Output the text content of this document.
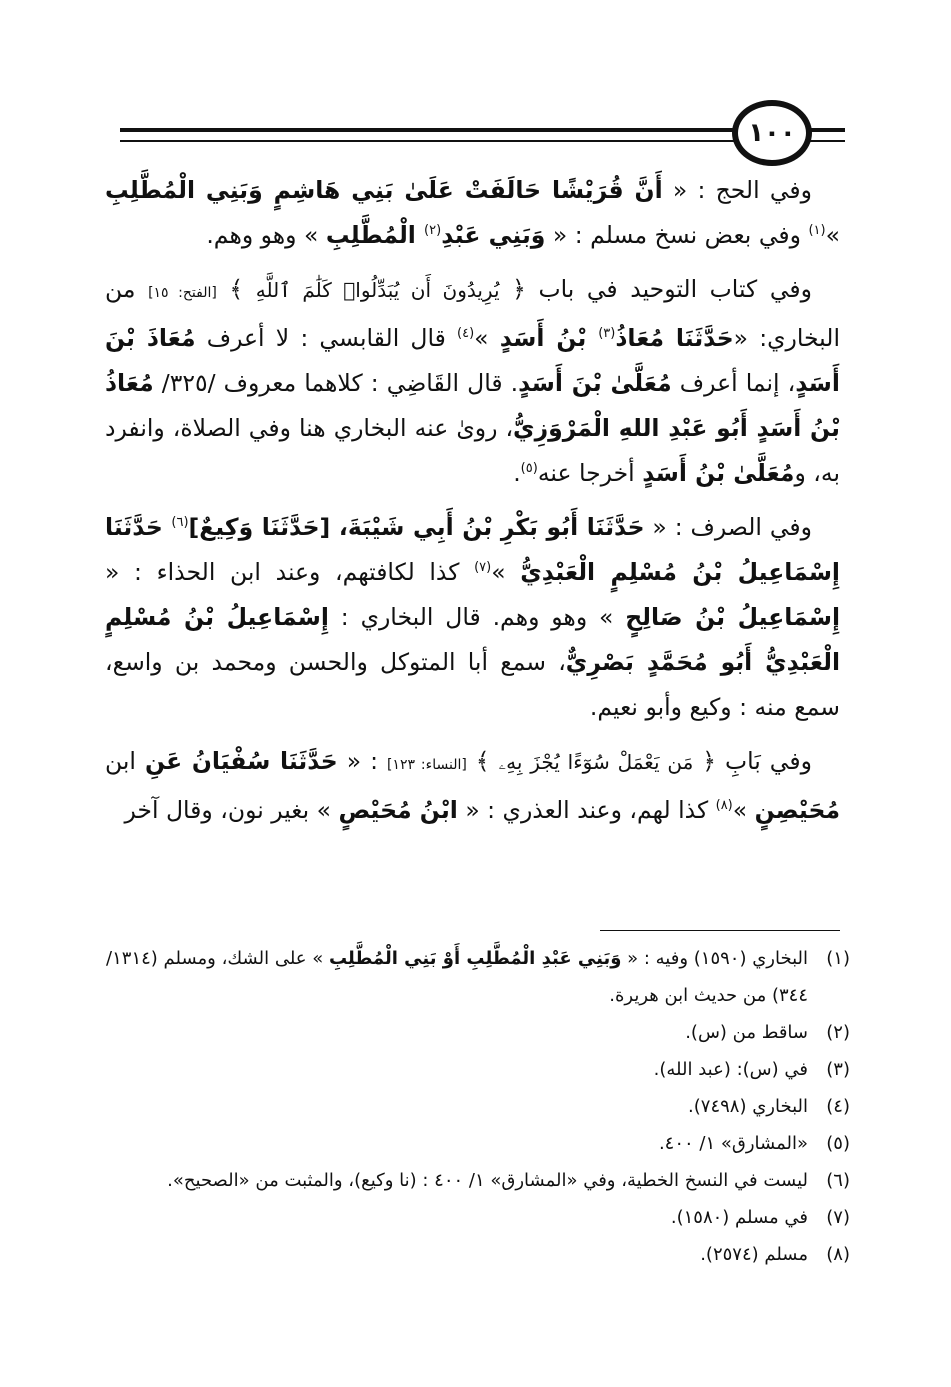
١٠٠

وفي الحج : « أَنَّ قُرَيْشًا حَالَفَتْ عَلَىٰ بَنِي هَاشِمٍ وَبَنِي الْمُطَّلِبِ »$^{(١)}$ وفي بعض نسخ مسلم : « وَبَنِي عَبْدِ$^{(٢)}$ الْمُطَّلِبِ » وهو وهم.

وفي كتاب التوحيد في باب ﴿ يُرِيدُونَ أَن يُبَدِّلُوا۟ كَلَٰمَ ٱللَّهِ ﴾ [الفتح: ١٥] من البخاري: «حَدَّثَنَا مُعَاذُ$^{(٣)}$ بْنُ أَسَدٍ »$^{(٤)}$ قال القابسي : لا أعرف مُعَاذَ بْنَ أَسَدٍ، إنما أعرف مُعَلَّىٰ بْنَ أَسَدٍ. قال القَاضِي : كلاهما معروف /٣٢٥/ مُعَاذُ بْنُ أَسَدٍ أَبُو عَبْدِ اللهِ الْمَرْوَزِيُّ، روىٰ عنه البخاري هنا وفي الصلاة، وانفرد به، ومُعَلَّىٰ بْنُ أَسَدٍ أخرجا عنه$^{(٥)}$.

وفي الصرف : « حَدَّثَنَا أَبُو بَكْرِ بْنُ أَبِي شَيْبَةَ، [حَدَّثَنَا وَكِيعٌ]$^{(٦)}$ حَدَّثَنَا إِسْمَاعِيلُ بْنُ مُسْلِمٍ الْعَبْدِيُّ »$^{(٧)}$ كذا لكافتهم، وعند ابن الحذاء : « إِسْمَاعِيلُ بْنُ صَالِحٍ » وهو وهم. قال البخاري : إِسْمَاعِيلُ بْنُ مُسْلِمٍ الْعَبْدِيُّ أَبُو مُحَمَّدٍ بَصْرِيٌّ، سمع أبا المتوكل والحسن ومحمد بن واسع، سمع منه : وكيع وأبو نعيم.

وفي بَابِ ﴿ مَن يَعْمَلْ سُوٓءًا يُجْزَ بِهِۦ ﴾ [النساء: ١٢٣] : « حَدَّثَنَا سُفْيَانُ عَنِ ابن مُحَيْصِنٍ »$^{(٨)}$ كذا لهم، وعند العذري : « ابْنُ مُحَيْصٍ » بغير نون، وقال آخر

(١)
البخاري (١٥٩٠) وفيه : « وَبَنِي عَبْدِ الْمُطَّلِبِ أَوْ بَنِي الْمُطَّلِبِ » على الشك، ومسلم (١٣١٤/ ٣٤٤) من حديث ابن هريرة.
(٢)
ساقط من (س).
(٣)
في (س): (عبد الله).
(٤)
البخاري (٧٤٩٨).
(٥)
«المشارق» ١/ ٤٠٠.
(٦)
ليست في النسخ الخطية، وفي «المشارق» ١/ ٤٠٠ : (نا وكيع)، والمثبت من «الصحيح».
(٧)
في مسلم (١٥٨٠).
(٨)
مسلم (٢٥٧٤).
